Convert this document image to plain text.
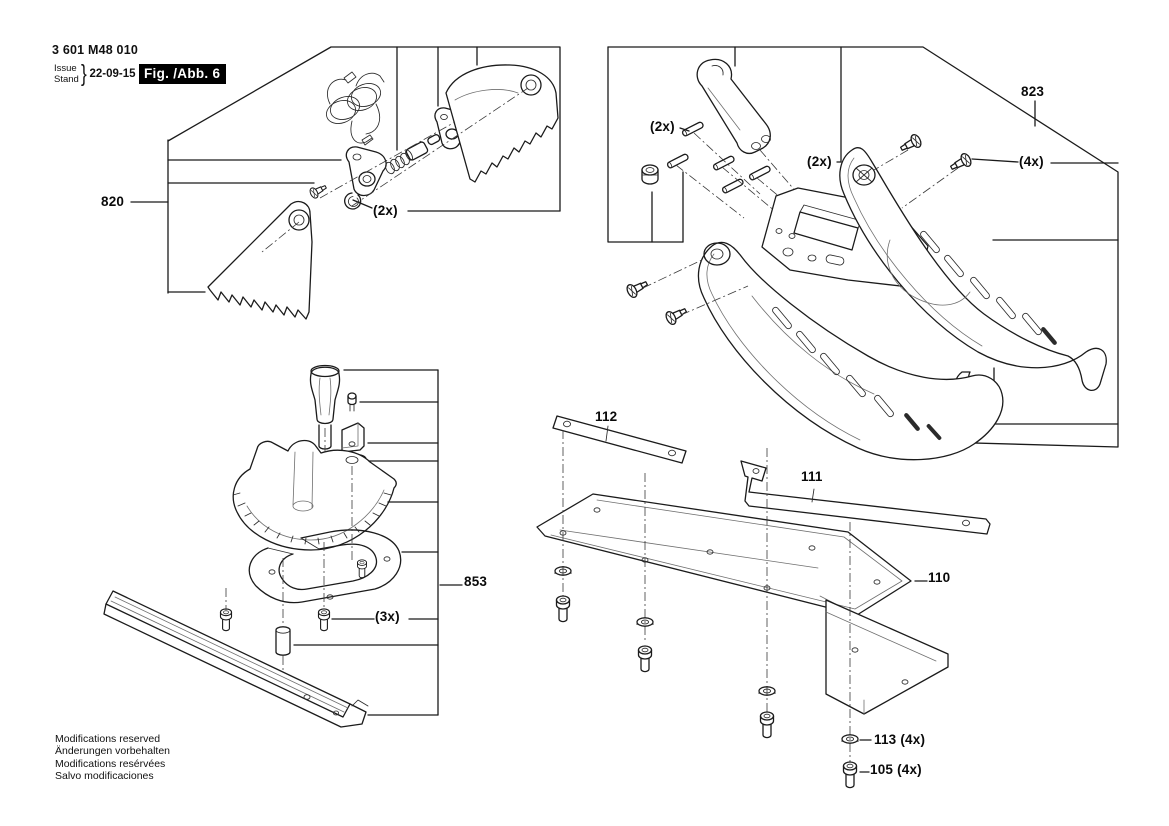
3 601 M48 010
Issue
Stand } 22-09-15 Fig. /Abb. 6
820
(2x)
(2x)
(2x)
823
(4x)
112
111
110
853
(3x)
113 (4x)
105 (4x)
Modifications reserved
Änderungen vorbehalten
Modifications resérvées
Salvo modificaciones
